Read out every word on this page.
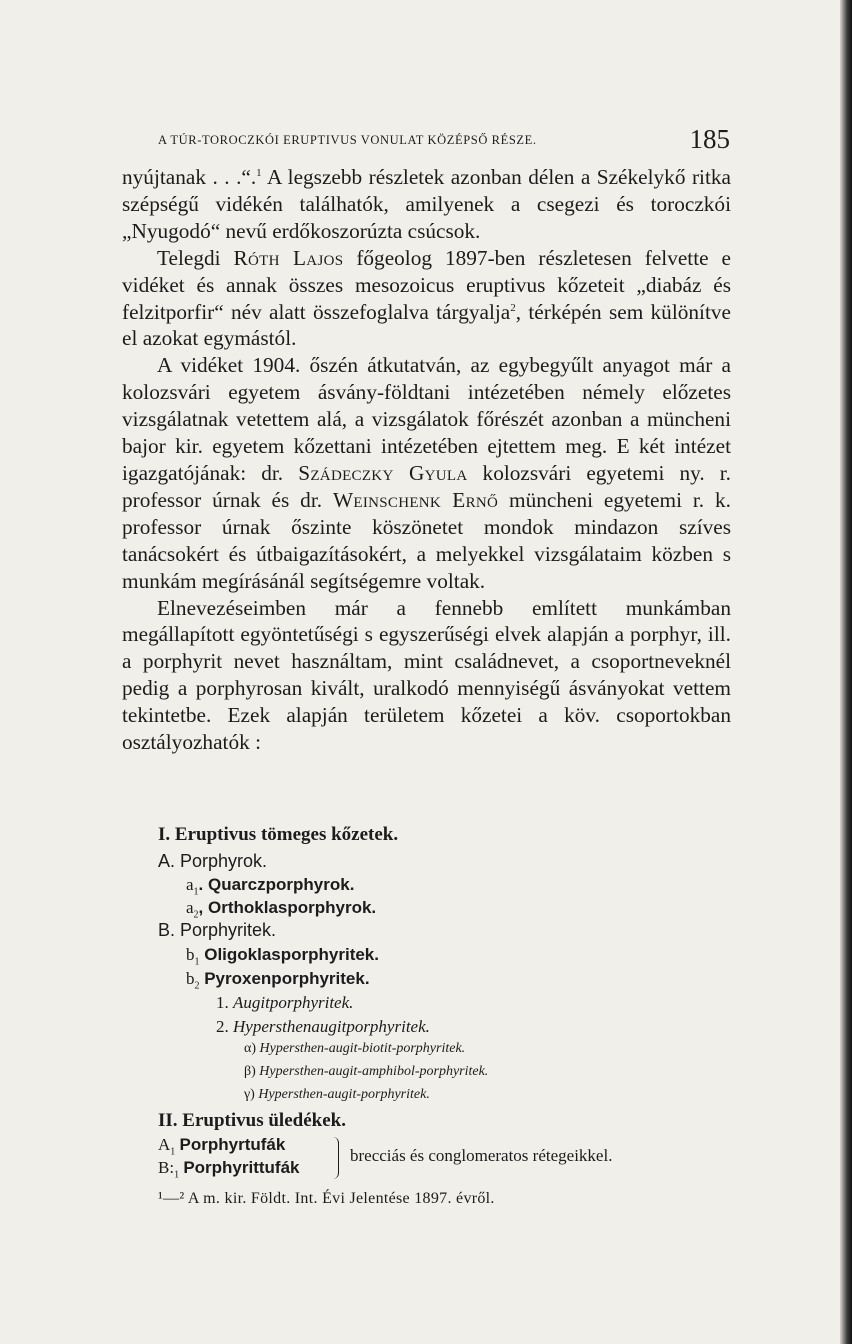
A TÚR-TOROCZKÓI ERUPTIVUS VONULAT KÖZÉPSŐ RÉSZE.	185

nyújtanak . . .“.$^1$ A legszebb részletek azonban délen a Székelykő ritka szépségű vidékén találhatók, amilyenek a csegezi és toroczkói „Nyugodó“ nevű erdőkoszorúzta csúcsok.

Telegdi Róth Lajos főgeolog 1897-ben részletesen felvette e vidéket és annak összes mesozoicus eruptivus kőzeteit „diabáz és felzitporfir“ név alatt összefoglalva tárgyalja$^2$, térképén sem különítve el azokat egymástól.

A vidéket 1904. őszén átkutatván, az egybegyűlt anyagot már a kolozsvári egyetem ásvány-földtani intézetében némely előzetes vizsgálatnak vetettem alá, a vizsgálatok főrészét azonban a müncheni bajor kir. egyetem kőzettani intézetében ejtettem meg. E két intézet igazgatójának: dr. Szádeczky Gyula kolozsvári egyetemi ny. r. professor úrnak és dr. Weinschenk Ernő müncheni egyetemi r. k. professor úrnak őszinte köszönetet mondok mindazon szíves tanácsokért és útbaigazításokért, a melyekkel vizsgálataim közben s munkám megírásánál segítségemre voltak.

Elnevezéseimben már a fennebb említett munkámban megállapított egyöntetűségi s egyszerűségi elvek alapján a porphyr, ill. a porphyrit nevet használtam, mint családnevet, a csoportneveknél pedig a porphyrosan kivált, uralkodó mennyiségű ásványokat vettem tekintetbe. Ezek alapján területem kőzetei a köv. csoportokban osztályozhatók :

I. Eruptivus tömeges kőzetek.
A. Porphyrok.
$a_1$. Quarczporphyrok.
$a_2$, Orthoklasporphyrok.
B. Porphyritek.
$b_1$ Oligoklasporphyritek.
$b_2$ Pyroxenporphyritek.
1. Augitporphyritek.
2. Hypersthenaugitporphyritek.
α) Hypersthen-augit-biotit-porphyritek.
β) Hypersthen-augit-amphibol-porphyritek.
γ) Hypersthen-augit-porphyritek.
II. Eruptivus üledékek.
$A_1$ Porphyrtufák
$B:_1$ Porphyrittufák
brecciás és conglomeratos rétegeikkel.
¹—² A m. kir. Földt. Int. Évi Jelentése 1897. évről.
